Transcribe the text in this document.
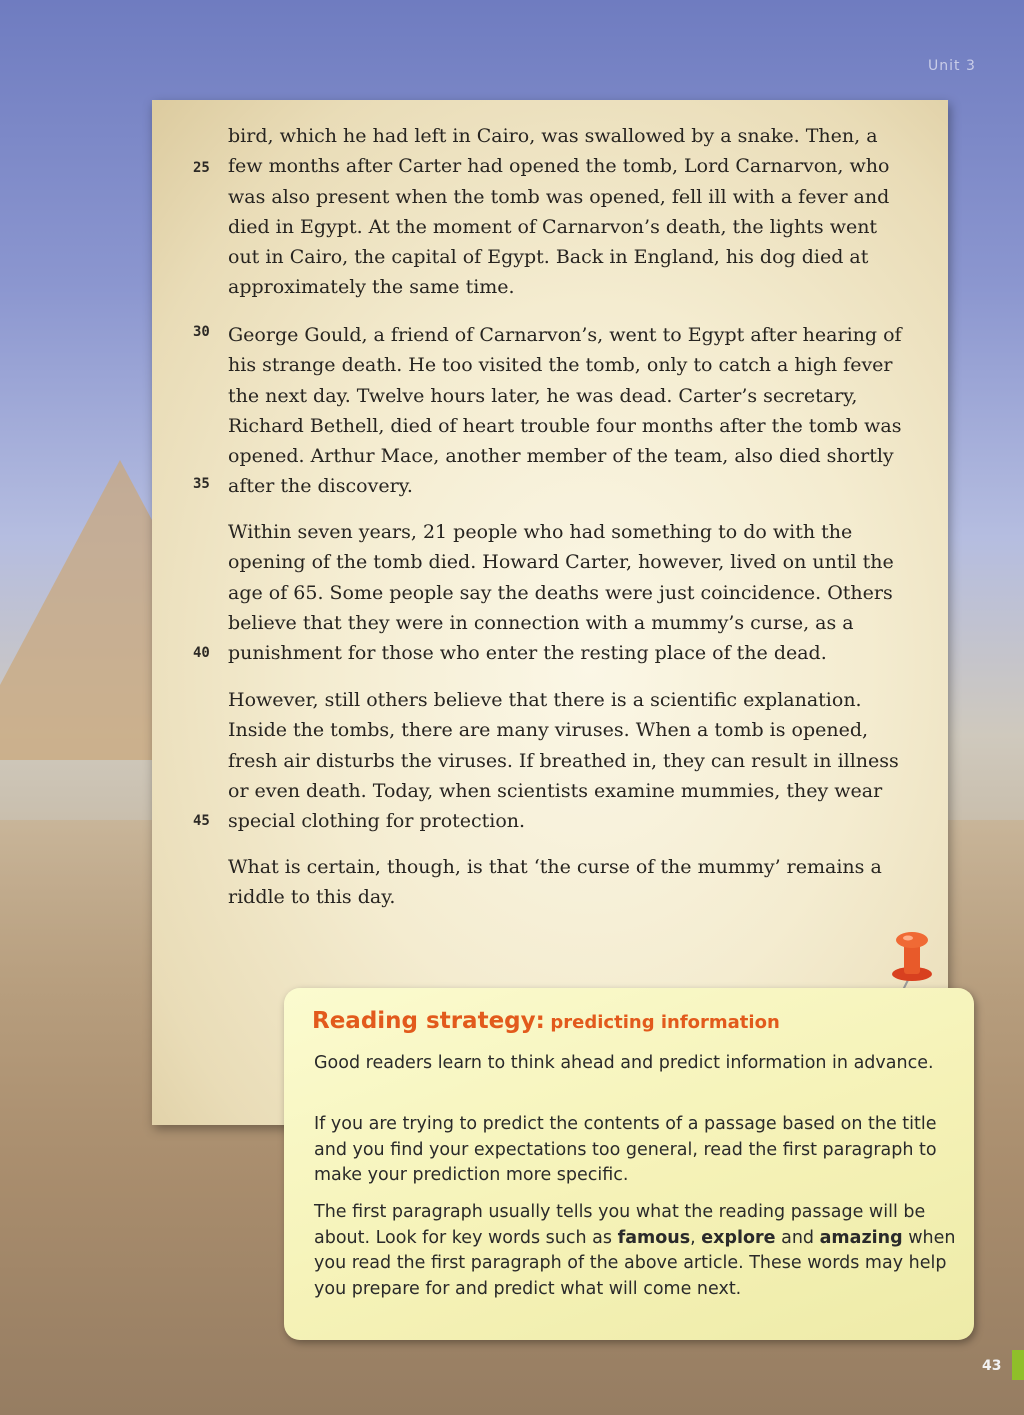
Unit 3
bird, which he had left in Cairo, was swallowed by a snake. Then, a
few months after Carter had opened the tomb, Lord Carnarvon, who
was also present when the tomb was opened, fell ill with a fever and
died in Egypt. At the moment of Carnarvon’s death, the lights went
out in Cairo, the capital of Egypt. Back in England, his dog died at
approximately the same time.
George Gould, a friend of Carnarvon’s, went to Egypt after hearing of
his strange death. He too visited the tomb, only to catch a high fever
the next day. Twelve hours later, he was dead. Carter’s secretary,
Richard Bethell, died of heart trouble four months after the tomb was
opened. Arthur Mace, another member of the team, also died shortly
after the discovery.
Within seven years, 21 people who had something to do with the
opening of the tomb died. Howard Carter, however, lived on until the
age of 65. Some people say the deaths were just coincidence. Others
believe that they were in connection with a mummy’s curse, as a
punishment for those who enter the resting place of the dead.
However, still others believe that there is a scientific explanation.
Inside the tombs, there are many viruses. When a tomb is opened,
fresh air disturbs the viruses. If breathed in, they can result in illness
or even death. Today, when scientists examine mummies, they wear
special clothing for protection.
What is certain, though, is that ‘the curse of the mummy’ remains a
riddle to this day.
25
30
35
40
45
Reading strategy: predicting information
Good readers learn to think ahead and predict information in advance.
If you are trying to predict the contents of a passage based on the title and you find your expectations too general, read the first paragraph to make your prediction more specific.
The first paragraph usually tells you what the reading passage will be about. Look for key words such as famous, explore and amazing when you read the first paragraph of the above article. These words may help you prepare for and predict what will come next.
43
